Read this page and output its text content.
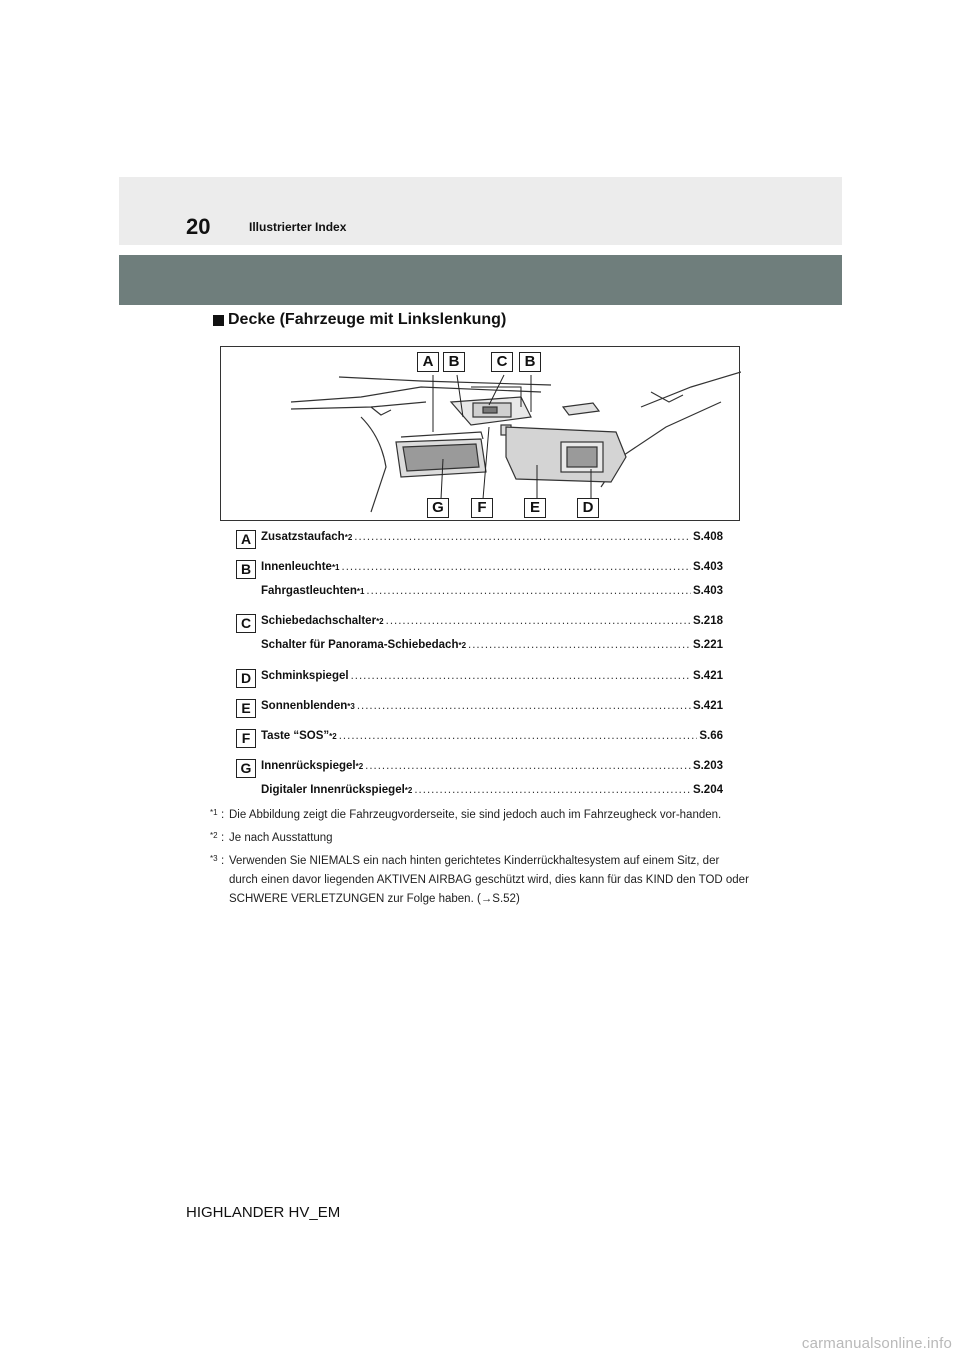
20	Illustrierter Index
Decke (Fahrzeuge mit Linkslenkung)
A	B	C	B
G	F	E	D
A Zusatzstaufach *2 .....	S.408
B Innenleuchte *1 .....	S.403
Fahrgastleuchten *1 .....	S.403
C Schiebedachschalter *2 .....	S.218
Schalter für Panorama-Schiebedach *2 .....	S.221
D Schminkspiegel .....	S.421
E Sonnenblenden *3 .....	S.421
F Taste “SOS” *2 .....	S.66
G Innenrückspiegel *2 .....	S.203
Digitaler Innenrückspiegel *2 .....	S.204
*1 : Die Abbildung zeigt die Fahrzeugvorderseite, sie sind jedoch auch im Fahrzeugheck vor-handen.
*2 : Je nach Ausstattung
*3 : Verwenden Sie NIEMALS ein nach hinten gerichtetes Kinderrückhaltesystem auf einem Sitz, der durch einen davor liegenden AKTIVEN AIRBAG geschützt wird, dies kann für das KIND den TOD oder SCHWERE VERLETZUNGEN zur Folge haben. (→S.52)
HIGHLANDER HV_EM
carmanualsonline.info
